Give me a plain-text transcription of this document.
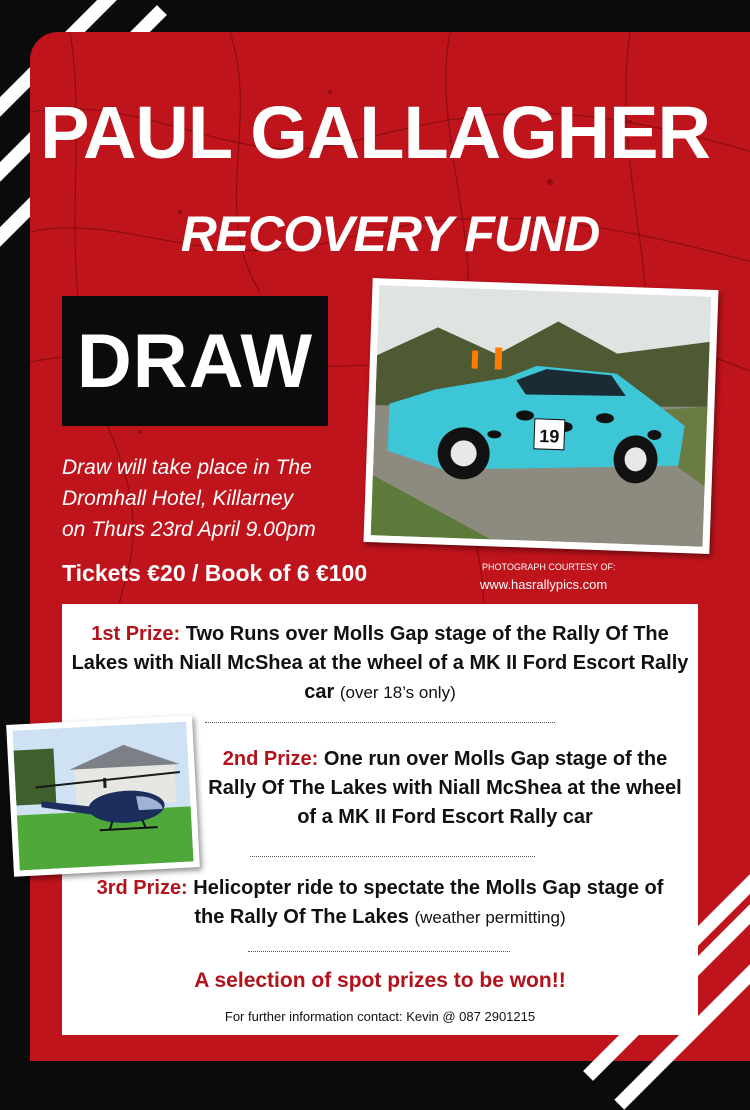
PAUL GALLAGHER
RECOVERY FUND
DRAW
Draw will take place in The
Dromhall Hotel, Killarney
on Thurs 23rd April 9.00pm
Tickets €20 / Book of 6 €100	PHOTOGRAPH COURTESY OF:
www.hasrallypics.com
19
1st Prize: Two Runs over Molls Gap stage of the Rally Of The Lakes with Niall McShea at the wheel of a MK II Ford Escort Rally car (over 18’s only)
2nd Prize: One run over Molls Gap stage of the Rally Of The Lakes with Niall McShea at the wheel of a MK II Ford Escort Rally car
3rd Prize: Helicopter ride to spectate the Molls Gap stage of the Rally Of The Lakes (weather permitting)
A selection of spot prizes to be won!!
For further information contact: Kevin @ 087 2901215
